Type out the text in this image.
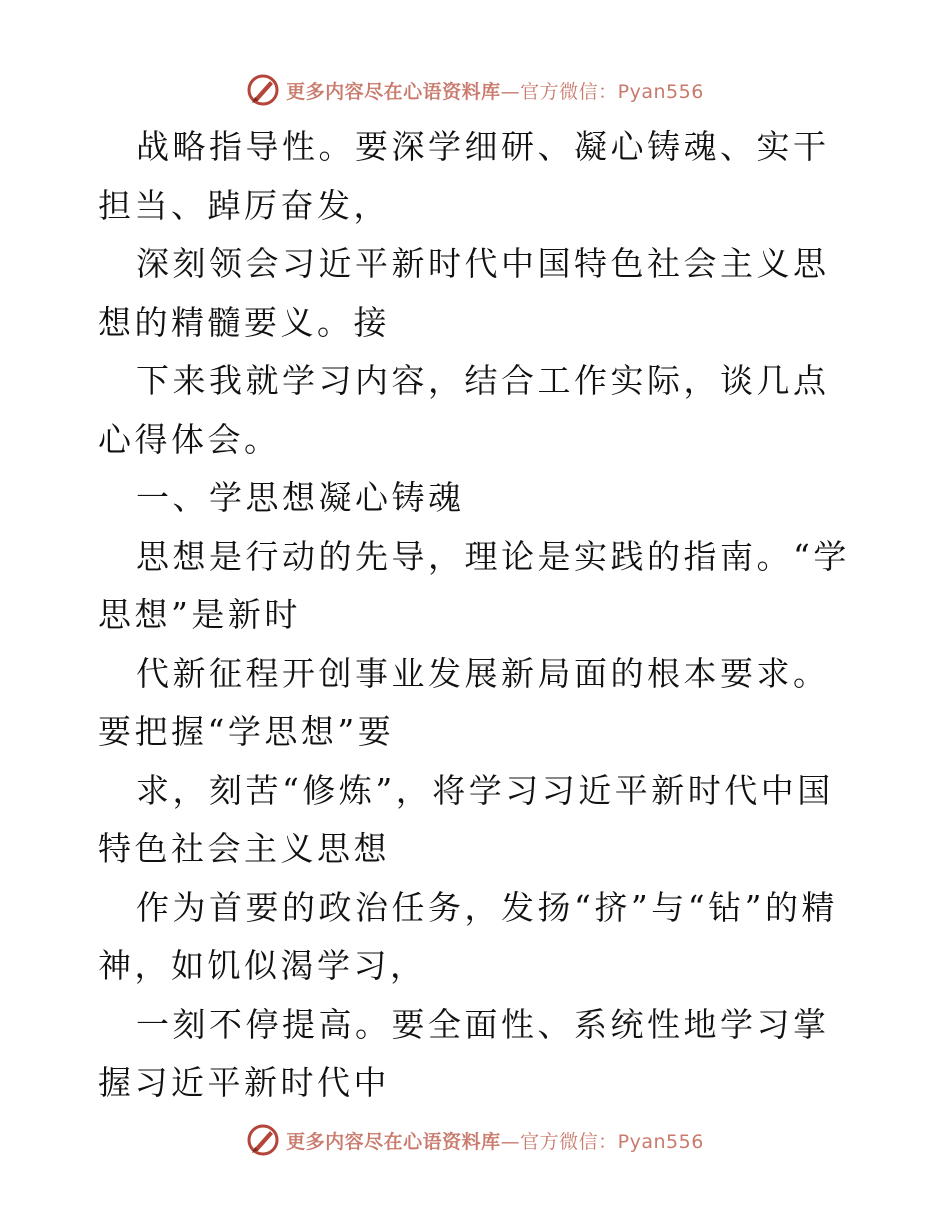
更多内容尽在心语资料库—官方微信：Pyan556

战略指导性。要深学细研、凝心铸魂、实干担当、踔厉奋发，

深刻领会习近平新时代中国特色社会主义思想的精髓要义。接

下来我就学习内容，结合工作实际，谈几点心得体会。

一、学思想凝心铸魂

思想是行动的先导，理论是实践的指南。“学思想”是新时

代新征程开创事业发展新局面的根本要求。要把握“学思想”要

求，刻苦“修炼”，将学习习近平新时代中国特色社会主义思想

作为首要的政治任务，发扬“挤”与“钻”的精神，如饥似渴学习，

一刻不停提高。要全面性、系统性地学习掌握习近平新时代中

更多内容尽在心语资料库—官方微信：Pyan556
